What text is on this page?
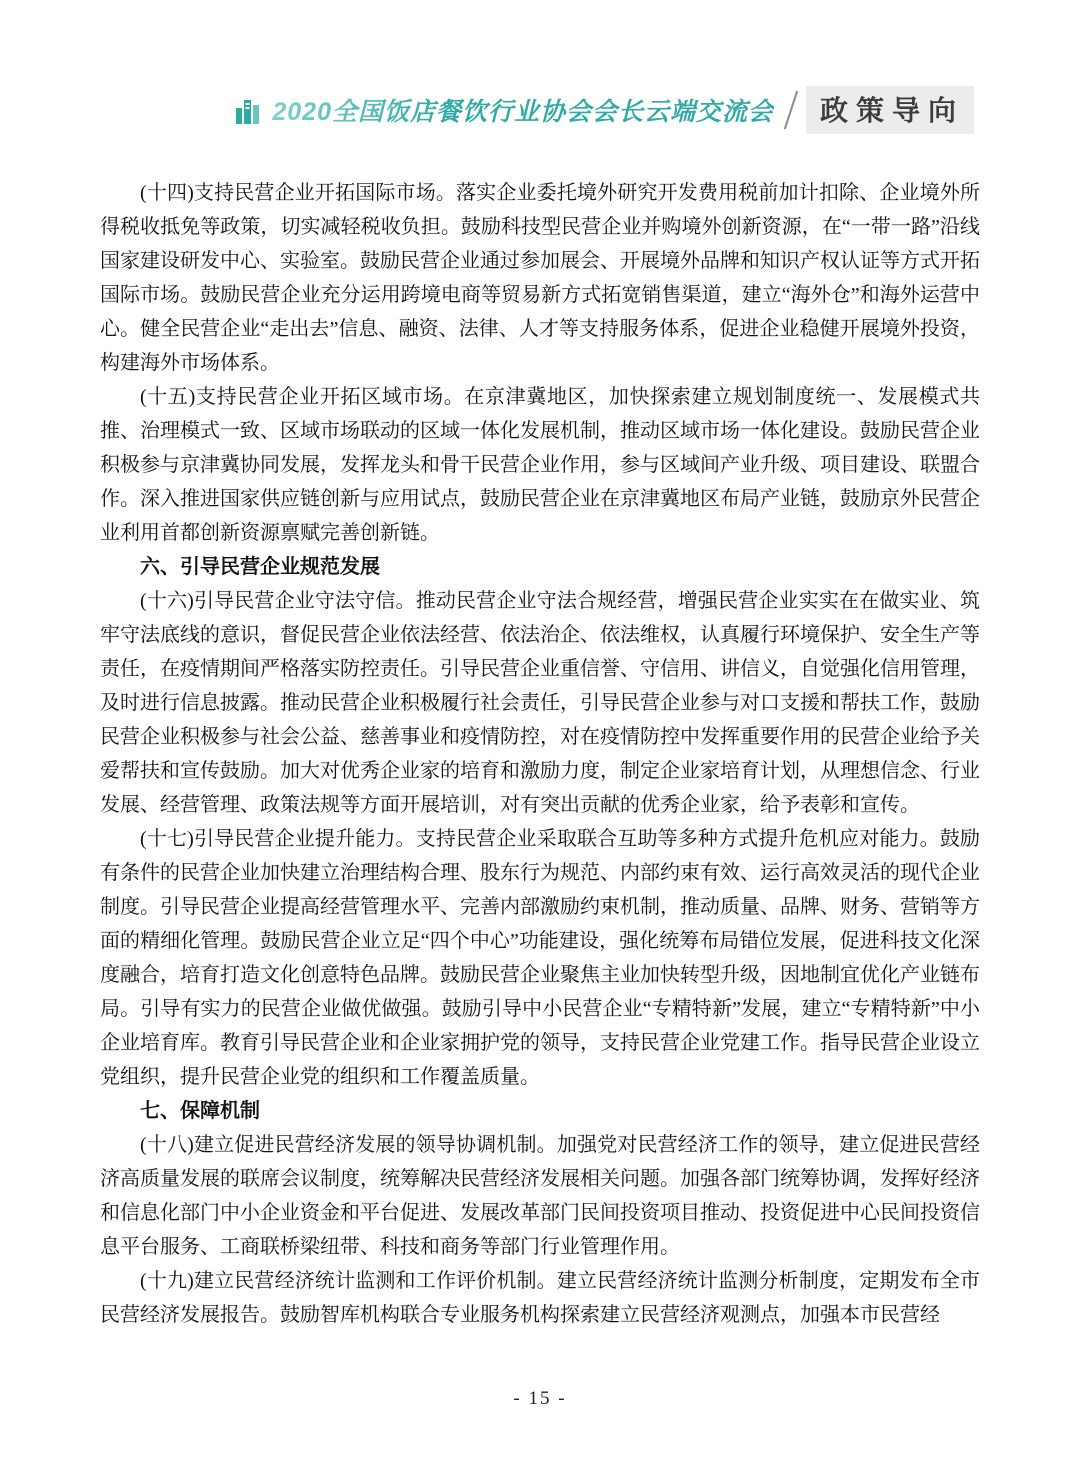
2020全国饭店餐饮行业协会会长云端交流会	政策导向

(十四)支持民营企业开拓国际市场。落实企业委托境外研究开发费用税前加计扣除、企业境外所得税收抵免等政策，切实减轻税收负担。鼓励科技型民营企业并购境外创新资源，在“一带一路”沿线国家建设研发中心、实验室。鼓励民营企业通过参加展会、开展境外品牌和知识产权认证等方式开拓国际市场。鼓励民营企业充分运用跨境电商等贸易新方式拓宽销售渠道，建立“海外仓”和海外运营中心。健全民营企业“走出去”信息、融资、法律、人才等支持服务体系，促进企业稳健开展境外投资，构建海外市场体系。

(十五)支持民营企业开拓区域市场。在京津冀地区，加快探索建立规划制度统一、发展模式共推、治理模式一致、区域市场联动的区域一体化发展机制，推动区域市场一体化建设。鼓励民营企业积极参与京津冀协同发展，发挥龙头和骨干民营企业作用，参与区域间产业升级、项目建设、联盟合作。深入推进国家供应链创新与应用试点，鼓励民营企业在京津冀地区布局产业链，鼓励京外民营企业利用首都创新资源禀赋完善创新链。

六、引导民营企业规范发展

(十六)引导民营企业守法守信。推动民营企业守法合规经营，增强民营企业实实在在做实业、筑牢守法底线的意识，督促民营企业依法经营、依法治企、依法维权，认真履行环境保护、安全生产等责任，在疫情期间严格落实防控责任。引导民营企业重信誉、守信用、讲信义，自觉强化信用管理，及时进行信息披露。推动民营企业积极履行社会责任，引导民营企业参与对口支援和帮扶工作，鼓励民营企业积极参与社会公益、慈善事业和疫情防控，对在疫情防控中发挥重要作用的民营企业给予关爱帮扶和宣传鼓励。加大对优秀企业家的培育和激励力度，制定企业家培育计划，从理想信念、行业发展、经营管理、政策法规等方面开展培训，对有突出贡献的优秀企业家，给予表彰和宣传。

(十七)引导民营企业提升能力。支持民营企业采取联合互助等多种方式提升危机应对能力。鼓励有条件的民营企业加快建立治理结构合理、股东行为规范、内部约束有效、运行高效灵活的现代企业制度。引导民营企业提高经营管理水平、完善内部激励约束机制，推动质量、品牌、财务、营销等方面的精细化管理。鼓励民营企业立足“四个中心”功能建设，强化统筹布局错位发展，促进科技文化深度融合，培育打造文化创意特色品牌。鼓励民营企业聚焦主业加快转型升级，因地制宜优化产业链布局。引导有实力的民营企业做优做强。鼓励引导中小民营企业“专精特新”发展，建立“专精特新”中小企业培育库。教育引导民营企业和企业家拥护党的领导，支持民营企业党建工作。指导民营企业设立党组织，提升民营企业党的组织和工作覆盖质量。

七、保障机制

(十八)建立促进民营经济发展的领导协调机制。加强党对民营经济工作的领导，建立促进民营经济高质量发展的联席会议制度，统筹解决民营经济发展相关问题。加强各部门统筹协调，发挥好经济和信息化部门中小企业资金和平台促进、发展改革部门民间投资项目推动、投资促进中心民间投资信息平台服务、工商联桥梁纽带、科技和商务等部门行业管理作用。

(十九)建立民营经济统计监测和工作评价机制。建立民营经济统计监测分析制度，定期发布全市民营经济发展报告。鼓励智库机构联合专业服务机构探索建立民营经济观测点，加强本市民营经

- 15 -
